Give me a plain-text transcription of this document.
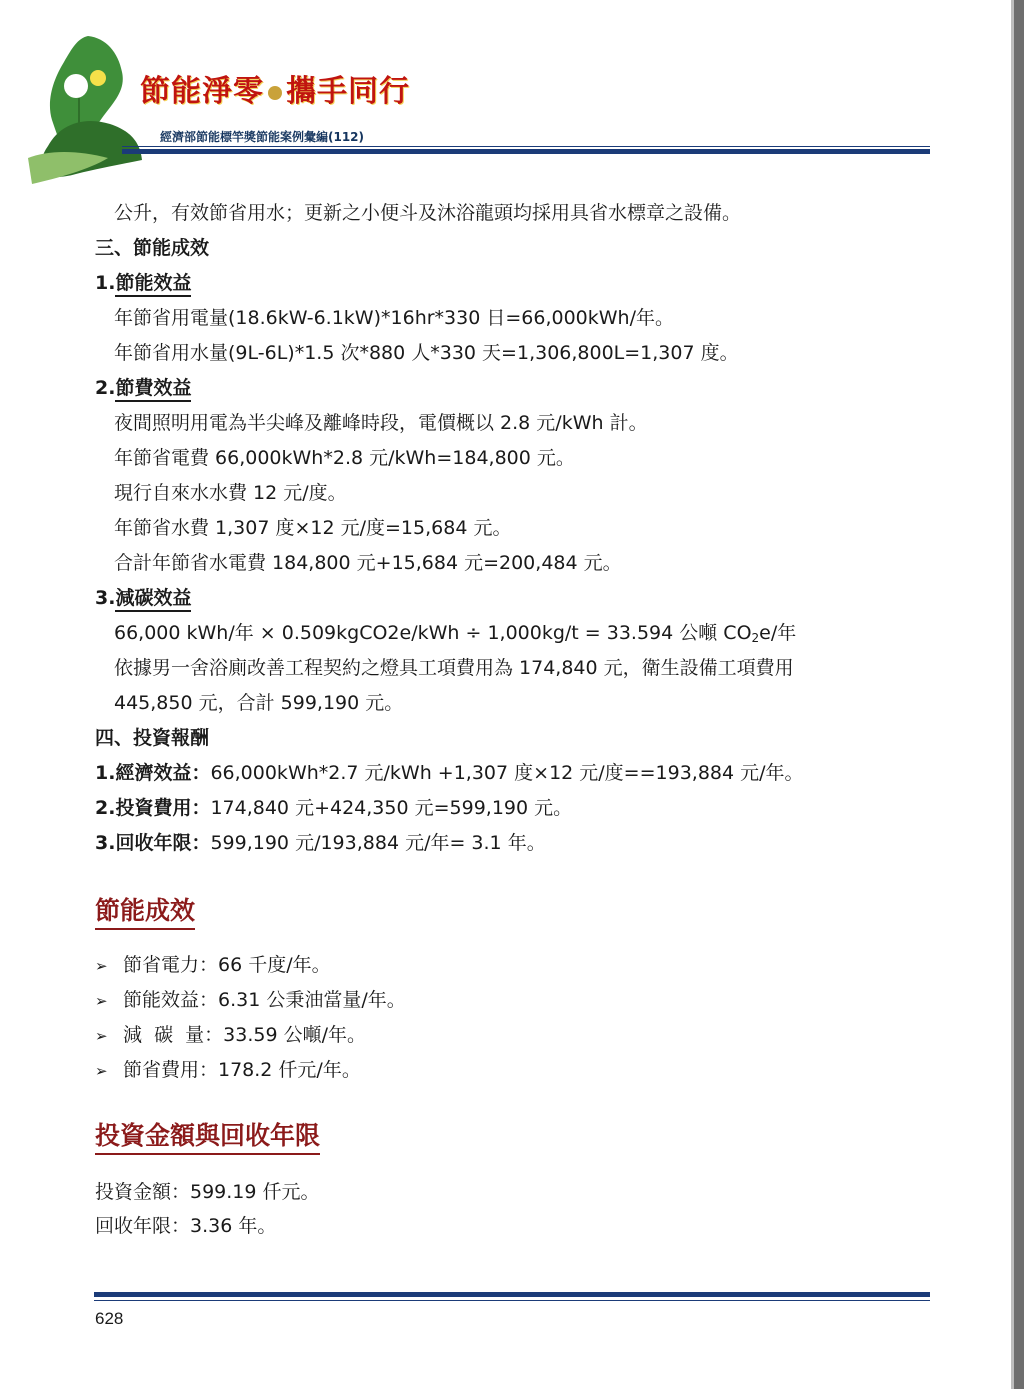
節能淨零 攜手同行
經濟部節能標竿獎節能案例彙編(112)
公升，有效節省用水；更新之小便斗及沐浴龍頭均採用具省水標章之設備。
三、節能成效
1.節能效益
年節省用電量(18.6kW-6.1kW)*16hr*330 日=66,000kWh/年。
年節省用水量(9L-6L)*1.5 次*880 人*330 天=1,306,800L=1,307 度。
2.節費效益
夜間照明用電為半尖峰及離峰時段，電價概以 2.8 元/kWh 計。
年節省電費 66,000kWh*2.8 元/kWh=184,800 元。
現行自來水水費 12 元/度。
年節省水費 1,307 度×12 元/度=15,684 元。
合計年節省水電費 184,800 元+15,684 元=200,484 元。
3.減碳效益
66,000 kWh/年 × 0.509kgCO2e/kWh ÷ 1,000kg/t = 33.594 公噸 $CO_2e/$年
依據男一舍浴廁改善工程契約之燈具工項費用為 174,840 元，衛生設備工項費用
445,850 元，合計 599,190 元。
四、投資報酬
1.經濟效益：66,000kWh*2.7 元/kWh +1,307 度×12 元/度==193,884 元/年。
2.投資費用：174,840 元+424,350 元=599,190 元。
3.回收年限：599,190 元/193,884 元/年= 3.1 年。
節能成效
➢ 節省電力：66 千度/年。
➢ 節能效益：6.31 公秉油當量/年。
➢ 減  碳  量：33.59 公噸/年。
➢ 節省費用：178.2 仟元/年。
投資金額與回收年限
投資金額：599.19 仟元。
回收年限：3.36 年。
628
